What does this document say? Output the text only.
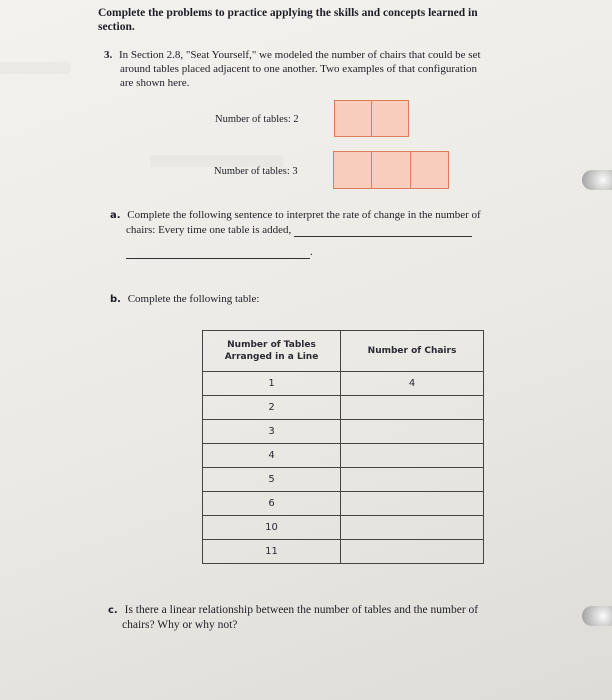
▒▒▒▒▒▒▒▒▒
▒▒▒▒▒▒▒▒▒▒▒▒▒▒▒▒▒
Complete the problems to practice applying the skills and concepts learned in
section.
3. In Section 2.8, "Seat Yourself," we modeled the number of chairs that could be set
around tables placed adjacent to one another. Two examples of that configuration
are shown here.
Number of tables: 2
Number of tables: 3
a. Complete the following sentence to interpret the rate of change in the number of
chairs: Every time one table is added,
.
b. Complete the following table:
Number of Tables
Arranged in a Line	Number of Chairs
1	4
2	
3	
4	
5	
6	
10	
11	
c. Is there a linear relationship between the number of tables and the number of
chairs? Why or why not?
